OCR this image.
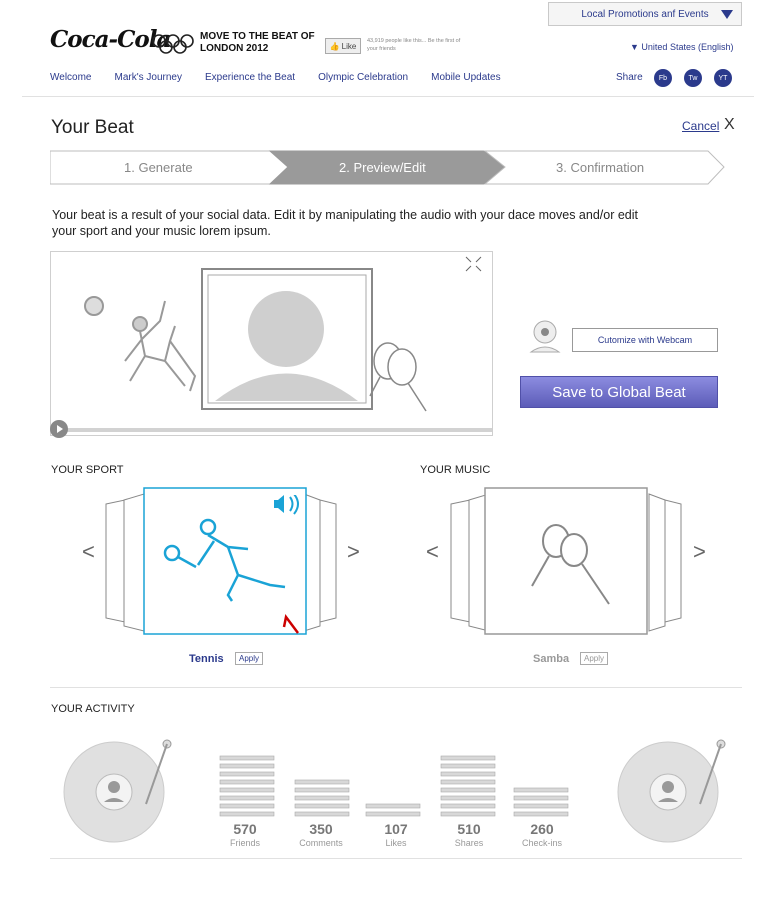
Local Promotions anf Events
Coca‑Cola	MOVE TO THE BEAT OF LONDON 2012	👍 Like
43,919 people like this... Be the first of your friends	▼ United States (English)
Welcome Mark's Journey Experience the Beat Olympic Celebration Mobile Updates	Share	Fb	Tw	YT
Your Beat	Cancel X
1. Generate	2. Preview/Edit	3. Confirmation
Your beat is a result of your social data. Edit it by manipulating the audio with your dace moves and/or edit your sport and your music lorem ipsum.
Cutomize with Webcam
Save to Global Beat
YOUR SPORT
<	>
Tennis	Apply
YOUR MUSIC
<	>
Samba	Apply
YOUR ACTIVITY
570
Friends
350
Comments
107
Likes
510
Shares
260
Check-ins
